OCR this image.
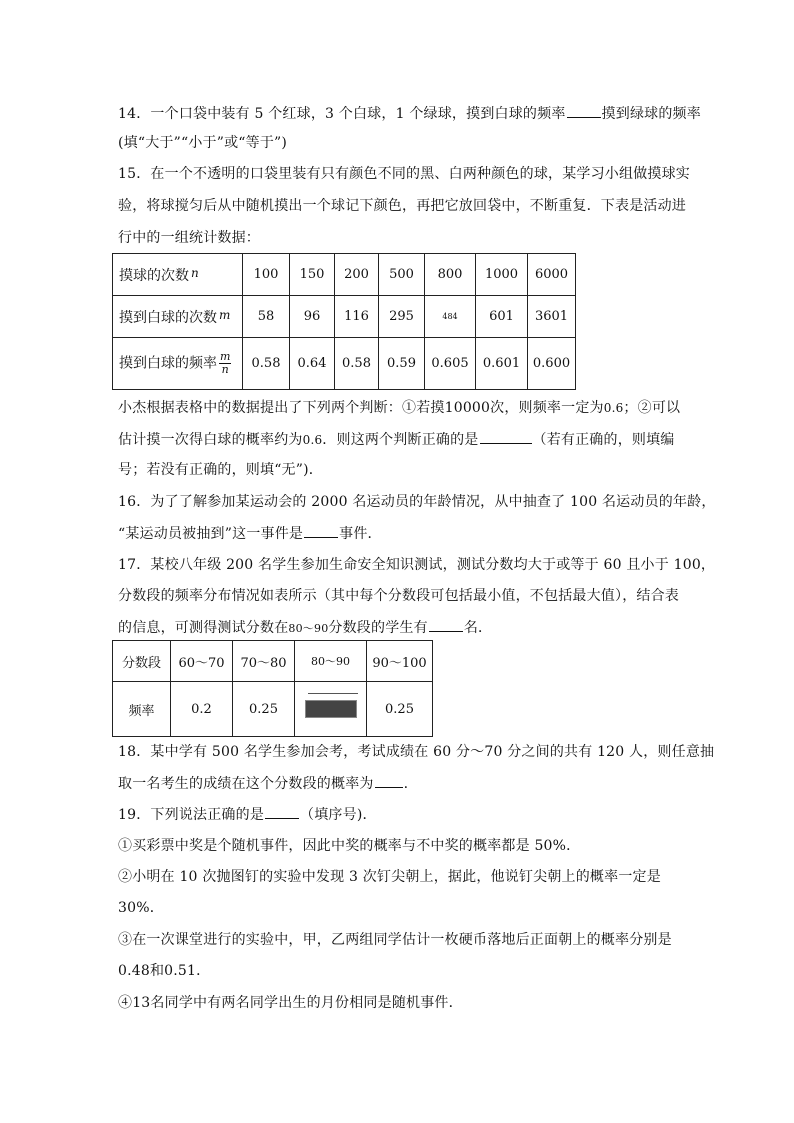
14．一个口袋中装有 5 个红球，3 个白球，1 个绿球，摸到白球的频率	摸到绿球的频率
(填“大于”“小于”或“等于”)
15．在一个不透明的口袋里装有只有颜色不同的黑、白两种颜色的球，某学习小组做摸球实
验，将球搅匀后从中随机摸出一个球记下颜色，再把它放回袋中，不断重复．下表是活动进
行中的一组统计数据：
摸球的次数 n	100	150	200	500	800	1000	6000
摸到白球的次数 m	58	96	116	295	484	601	3601
摸到白球的频率 $\frac{m}{n}$	0.58	0.64	0.58	0.59	0.605	0.601	0.600
小杰根据表格中的数据提出了下列两个判断：①若摸10000次，则频率一定为0.6；②可以
估计摸一次得白球的概率约为0.6．则这两个判断正确的是	（若有正确的，则填编
号；若没有正确的，则填“无”)．
16．为了了解参加某运动会的 2000 名运动员的年龄情况，从中抽查了 100 名运动员的年龄，
“某运动员被抽到”这一事件是	事件．
17．某校八年级 200 名学生参加生命安全知识测试，测试分数均大于或等于 60 且小于 100，
分数段的频率分布情况如表所示（其中每个分数段可包括最小值，不包括最大值），结合表
的信息，可测得测试分数在80～90分数段的学生有	名．
分数段	60～70	70～80	80～90	90～100
频率	0.2	0.25		0.25
18．某中学有 500 名学生参加会考，考试成绩在 60 分～70 分之间的共有 120 人，则任意抽
取一名考生的成绩在这个分数段的概率为 .
19．下列说法正确的是	（填序号)．
①买彩票中奖是个随机事件，因此中奖的概率与不中奖的概率都是 50%．
②小明在 10 次抛图钉的实验中发现 3 次钉尖朝上，据此，他说钉尖朝上的概率一定是
30%．
③在一次课堂进行的实验中，甲，乙两组同学估计一枚硬币落地后正面朝上的概率分别是
0.48和0.51．
④13名同学中有两名同学出生的月份相同是随机事件．
